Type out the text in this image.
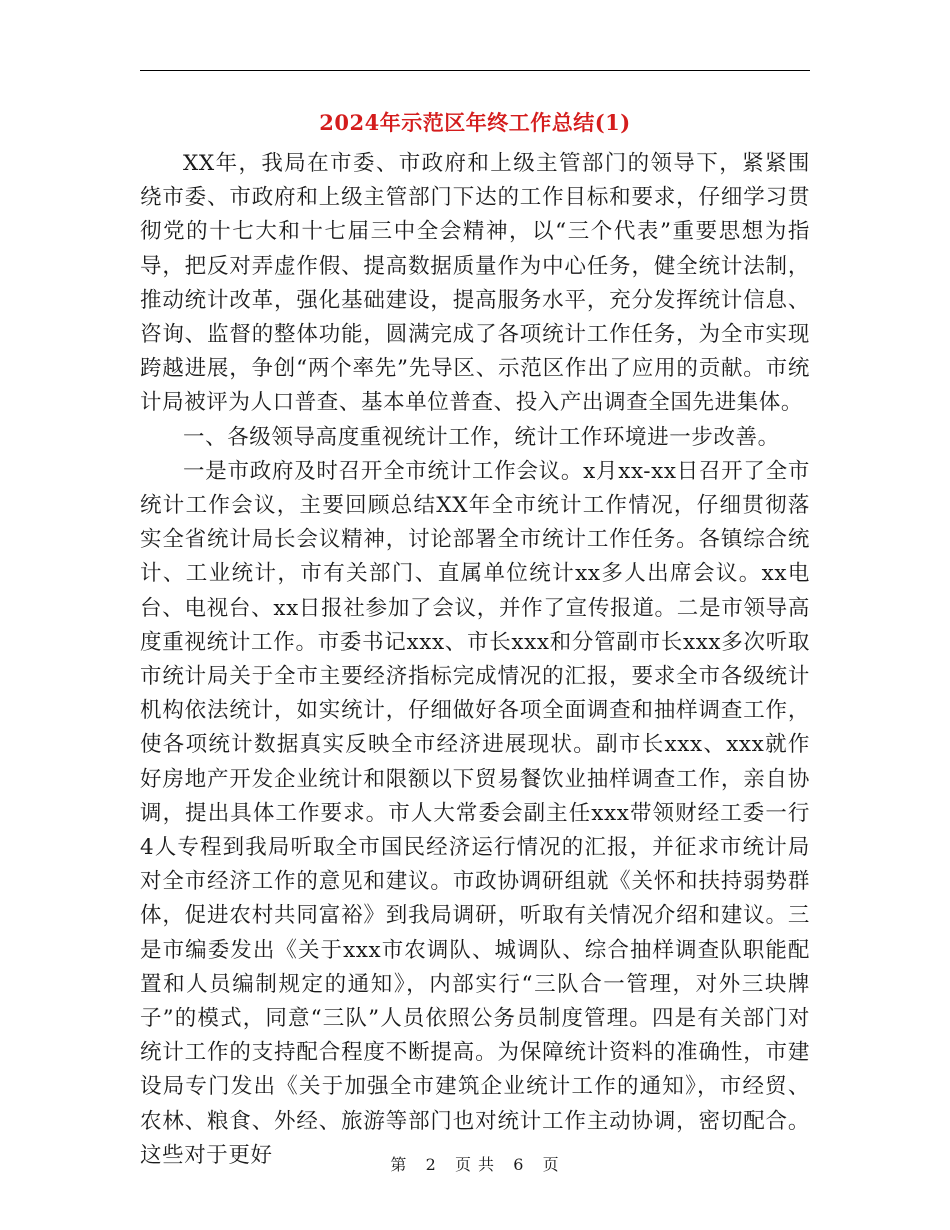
2024年示范区年终工作总结(1)

XX年，我局在市委、市政府和上级主管部门的领导下，紧紧围绕市委、市政府和上级主管部门下达的工作目标和要求，仔细学习贯彻党的十七大和十七届三中全会精神，以“三个代表”重要思想为指导，把反对弄虚作假、提高数据质量作为中心任务，健全统计法制，推动统计改革，强化基础建设，提高服务水平，充分发挥统计信息、咨询、监督的整体功能，圆满完成了各项统计工作任务，为全市实现跨越进展，争创“两个率先”先导区、示范区作出了应用的贡献。市统计局被评为人口普查、基本单位普查、投入产出调查全国先进集体。

一、各级领导高度重视统计工作，统计工作环境进一步改善。

一是市政府及时召开全市统计工作会议。x月xx-xx日召开了全市统计工作会议，主要回顾总结XX年全市统计工作情况，仔细贯彻落实全省统计局长会议精神，讨论部署全市统计工作任务。各镇综合统计、工业统计，市有关部门、直属单位统计xx多人出席会议。xx电台、电视台、xx日报社参加了会议，并作了宣传报道。二是市领导高度重视统计工作。市委书记xxx、市长xxx和分管副市长xxx多次听取市统计局关于全市主要经济指标完成情况的汇报，要求全市各级统计机构依法统计，如实统计，仔细做好各项全面调查和抽样调查工作，使各项统计数据真实反映全市经济进展现状。副市长xxx、xxx就作好房地产开发企业统计和限额以下贸易餐饮业抽样调查工作，亲自协调，提出具体工作要求。市人大常委会副主任xxx带领财经工委一行4人专程到我局听取全市国民经济运行情况的汇报，并征求市统计局对全市经济工作的意见和建议。市政协调研组就《关怀和扶持弱势群体，促进农村共同富裕》到我局调研，听取有关情况介绍和建议。三是市编委发出《关于xxx市农调队、城调队、综合抽样调查队职能配置和人员编制规定的通知》，内部实行“三队合一管理，对外三块牌子”的模式，同意“三队”人员依照公务员制度管理。四是有关部门对统计工作的支持配合程度不断提高。为保障统计资料的准确性，市建设局专门发出《关于加强全市建筑企业统计工作的通知》，市经贸、农林、粮食、外经、旅游等部门也对统计工作主动协调，密切配合。这些对于更好	第 2 页 共 6 页
